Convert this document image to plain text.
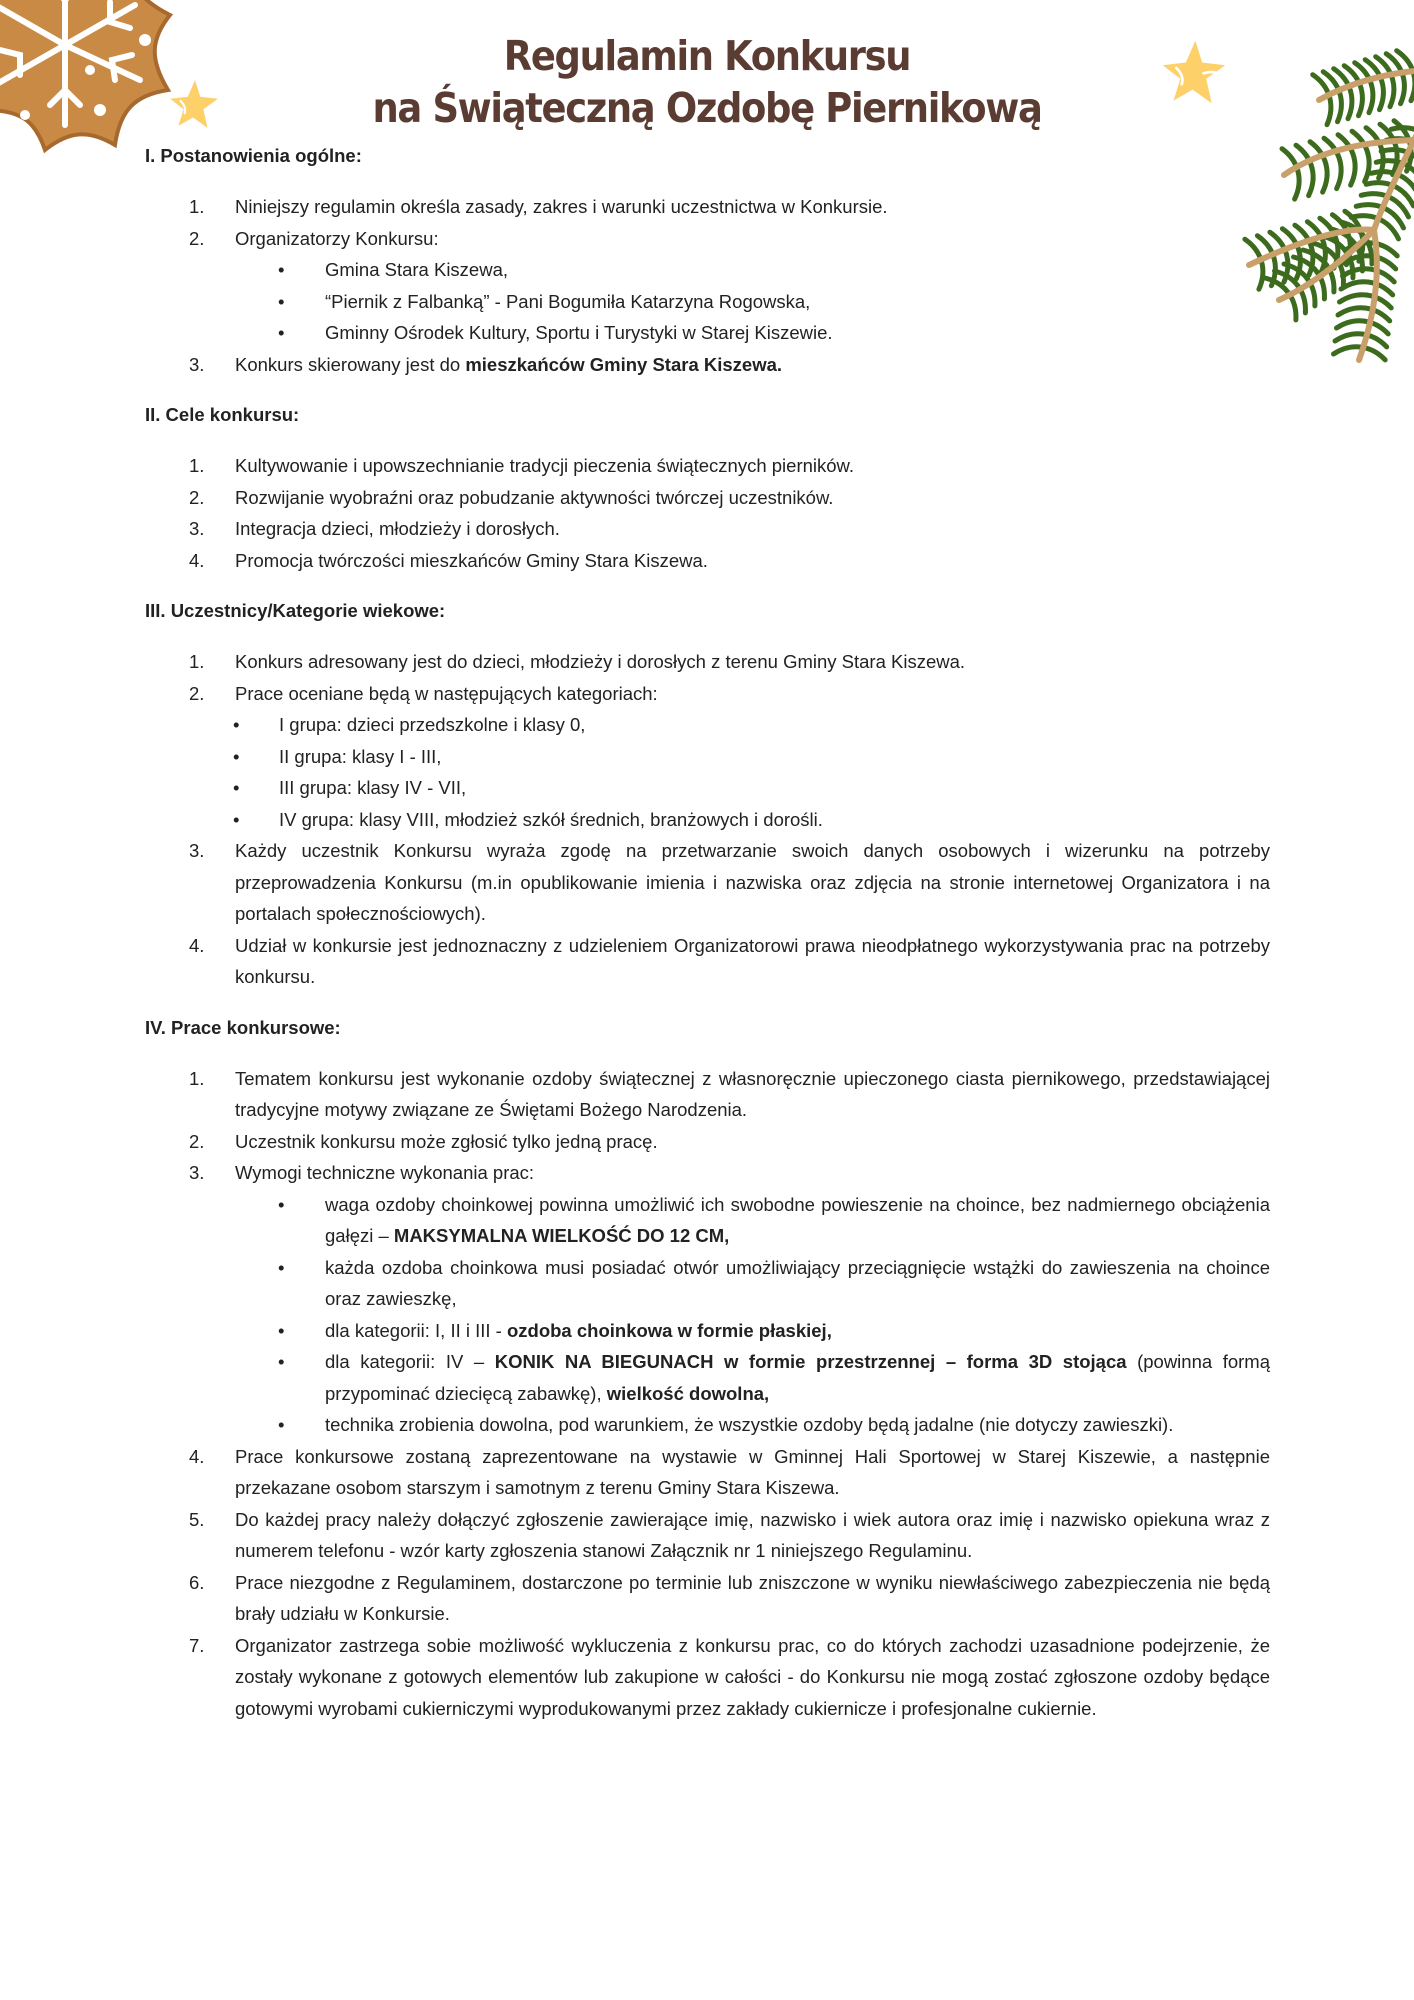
Regulamin Konkursu
na Świąteczną Ozdobę Piernikową
I. Postanowienia ogólne:
1. Niniejszy regulamin określa zasady, zakres i warunki uczestnictwa w Konkursie.
2. Organizatorzy Konkursu:
• Gmina Stara Kiszewa,
• “Piernik z Falbanką” - Pani Bogumiła Katarzyna Rogowska,
• Gminny Ośrodek Kultury, Sportu i Turystyki w Starej Kiszewie.
3. Konkurs skierowany jest do mieszkańców Gminy Stara Kiszewa.
II. Cele konkursu:
1. Kultywowanie i upowszechnianie tradycji pieczenia świątecznych pierników.
2. Rozwijanie wyobraźni oraz pobudzanie aktywności twórczej uczestników.
3. Integracja dzieci, młodzieży i dorosłych.
4. Promocja twórczości mieszkańców Gminy Stara Kiszewa.
III. Uczestnicy/Kategorie wiekowe:
1. Konkurs adresowany jest do dzieci, młodzieży i dorosłych z terenu Gminy Stara Kiszewa.
2. Prace oceniane będą w następujących kategoriach:
• I grupa: dzieci przedszkolne i klasy 0,
• II grupa: klasy I - III,
• III grupa: klasy IV - VII,
• IV grupa: klasy VIII, młodzież szkół średnich, branżowych i dorośli.
3. Każdy uczestnik Konkursu wyraża zgodę na przetwarzanie swoich danych osobowych i wizerunku na potrzeby przeprowadzenia Konkursu (m.in opublikowanie imienia i nazwiska oraz zdjęcia na stronie internetowej Organizatora i na portalach społecznościowych).
4. Udział w konkursie jest jednoznaczny z udzieleniem Organizatorowi prawa nieodpłatnego wykorzystywania prac na potrzeby konkursu.
IV. Prace konkursowe:
1. Tematem konkursu jest wykonanie ozdoby świątecznej z własnoręcznie upieczonego ciasta piernikowego, przedstawiającej tradycyjne motywy związane ze Świętami Bożego Narodzenia.
2. Uczestnik konkursu może zgłosić tylko jedną pracę.
3. Wymogi techniczne wykonania prac:
• waga ozdoby choinkowej powinna umożliwić ich swobodne powieszenie na choince, bez nadmiernego obciążenia gałęzi – MAKSYMALNA WIELKOŚĆ DO 12 CM,
• każda ozdoba choinkowa musi posiadać otwór umożliwiający przeciągnięcie wstążki do zawieszenia na choince oraz zawieszkę,
• dla kategorii: I, II i III - ozdoba choinkowa w formie płaskiej,
• dla kategorii: IV – KONIK NA BIEGUNACH w formie przestrzennej – forma 3D stojąca (powinna formą przypominać dziecięcą zabawkę), wielkość dowolna,
• technika zrobienia dowolna, pod warunkiem, że wszystkie ozdoby będą jadalne (nie dotyczy zawieszki).
4. Prace konkursowe zostaną zaprezentowane na wystawie w Gminnej Hali Sportowej w Starej Kiszewie, a następnie przekazane osobom starszym i samotnym z terenu Gminy Stara Kiszewa.
5. Do każdej pracy należy dołączyć zgłoszenie zawierające imię, nazwisko i wiek autora oraz imię i nazwisko opiekuna wraz z numerem telefonu - wzór karty zgłoszenia stanowi Załącznik nr 1 niniejszego Regulaminu.
6. Prace niezgodne z Regulaminem, dostarczone po terminie lub zniszczone w wyniku niewłaściwego zabezpieczenia nie będą brały udziału w Konkursie.
7. Organizator zastrzega sobie możliwość wykluczenia z konkursu prac, co do których zachodzi uzasadnione podejrzenie, że zostały wykonane z gotowych elementów lub zakupione w całości - do Konkursu nie mogą zostać zgłoszone ozdoby będące gotowymi wyrobami cukierniczymi wyprodukowanymi przez zakłady cukiernicze i profesjonalne cukiernie.
